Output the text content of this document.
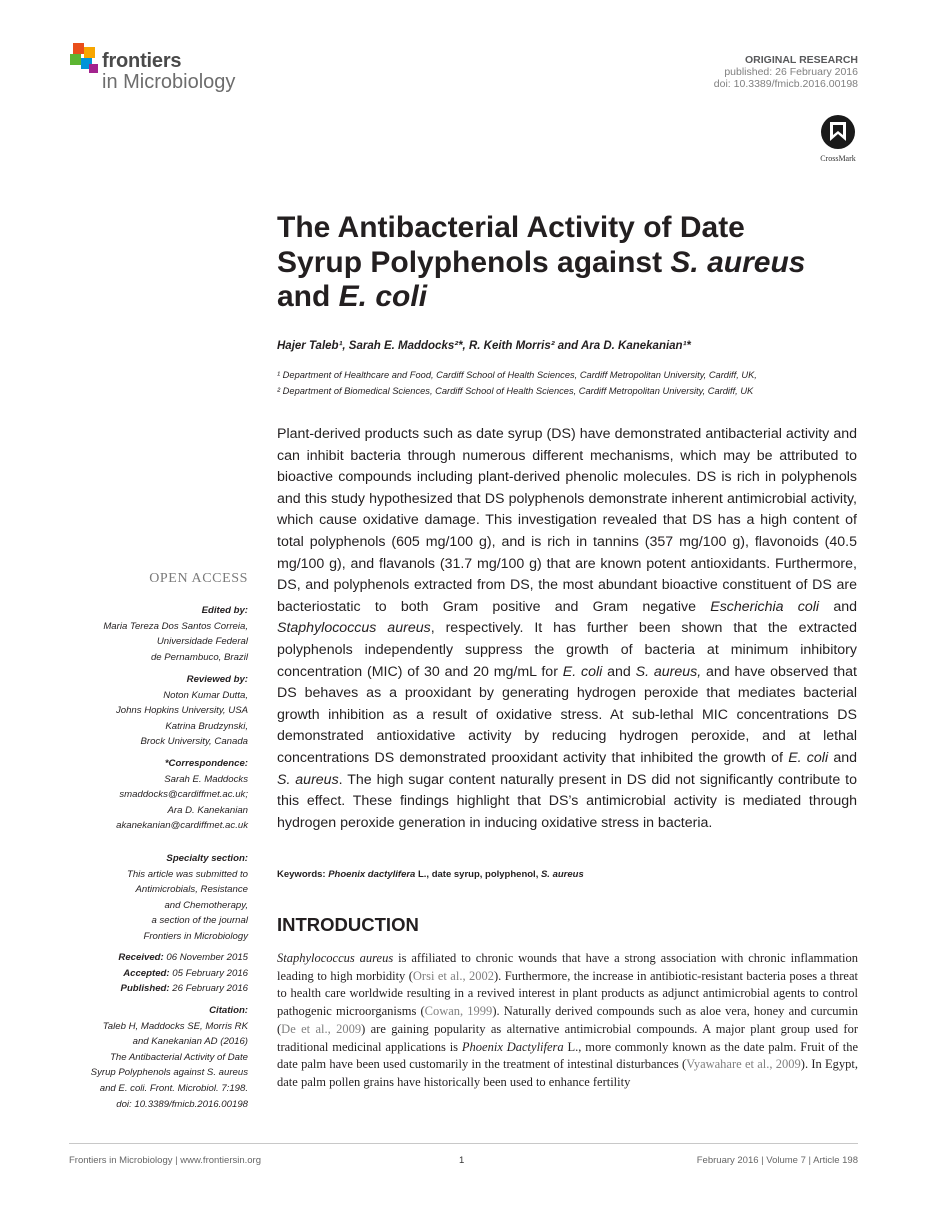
frontiers
in Microbiology
ORIGINAL RESEARCH
published: 26 February 2016
doi: 10.3389/fmicb.2016.00198
CrossMark
The Antibacterial Activity of Date
Syrup Polyphenols against S. aureus
and E. coli
Hajer Taleb¹, Sarah E. Maddocks²*, R. Keith Morris² and Ara D. Kanekanian¹*
¹ Department of Healthcare and Food, Cardiff School of Health Sciences, Cardiff Metropolitan University, Cardiff, UK,
² Department of Biomedical Sciences, Cardiff School of Health Sciences, Cardiff Metropolitan University, Cardiff, UK
Plant-derived products such as date syrup (DS) have demonstrated antibacterial activity and can inhibit bacteria through numerous different mechanisms, which may be attributed to bioactive compounds including plant-derived phenolic molecules. DS is rich in polyphenols and this study hypothesized that DS polyphenols demonstrate inherent antimicrobial activity, which cause oxidative damage. This investigation revealed that DS has a high content of total polyphenols (605 mg/100 g), and is rich in tannins (357 mg/100 g), flavonoids (40.5 mg/100 g), and flavanols (31.7 mg/100 g) that are known potent antioxidants. Furthermore, DS, and polyphenols extracted from DS, the most abundant bioactive constituent of DS are bacteriostatic to both Gram positive and Gram negative Escherichia coli and Staphylococcus aureus, respectively. It has further been shown that the extracted polyphenols independently suppress the growth of bacteria at minimum inhibitory concentration (MIC) of 30 and 20 mg/mL for E. coli and S. aureus, and have observed that DS behaves as a prooxidant by generating hydrogen peroxide that mediates bacterial growth inhibition as a result of oxidative stress. At sub-lethal MIC concentrations DS demonstrated antioxidative activity by reducing hydrogen peroxide, and at lethal concentrations DS demonstrated prooxidant activity that inhibited the growth of E. coli and S. aureus. The high sugar content naturally present in DS did not significantly contribute to this effect. These findings highlight that DS’s antimicrobial activity is mediated through hydrogen peroxide generation in inducing oxidative stress in bacteria.
Keywords: Phoenix dactylifera L., date syrup, polyphenol, S. aureus
INTRODUCTION
Staphylococcus aureus is affiliated to chronic wounds that have a strong association with chronic inflammation leading to high morbidity (Orsi et al., 2002). Furthermore, the increase in antibiotic-resistant bacteria poses a threat to health care worldwide resulting in a revived interest in plant products as adjunct antimicrobial agents to control pathogenic microorganisms (Cowan, 1999). Naturally derived compounds such as aloe vera, honey and curcumin (De et al., 2009) are gaining popularity as alternative antimicrobial compounds. A major plant group used for traditional medicinal applications is Phoenix Dactylifera L., more commonly known as the date palm. Fruit of the date palm have been used customarily in the treatment of intestinal disturbances (Vyawahare et al., 2009). In Egypt, date palm pollen grains have historically been used to enhance fertility
OPEN ACCESS
Edited by:
Maria Tereza Dos Santos Correia,
Universidade Federal
de Pernambuco, Brazil
Reviewed by:
Noton Kumar Dutta,
Johns Hopkins University, USA
Katrina Brudzynski,
Brock University, Canada
*Correspondence:
Sarah E. Maddocks
smaddocks@cardiffmet.ac.uk;
Ara D. Kanekanian
akanekanian@cardiffmet.ac.uk
Specialty section:
This article was submitted to
Antimicrobials, Resistance
and Chemotherapy,
a section of the journal
Frontiers in Microbiology
Received: 06 November 2015
Accepted: 05 February 2016
Published: 26 February 2016
Citation:
Taleb H, Maddocks SE, Morris RK
and Kanekanian AD (2016)
The Antibacterial Activity of Date
Syrup Polyphenols against S. aureus
and E. coli. Front. Microbiol. 7:198.
doi: 10.3389/fmicb.2016.00198
Frontiers in Microbiology | www.frontiersin.org	1	February 2016 | Volume 7 | Article 198
